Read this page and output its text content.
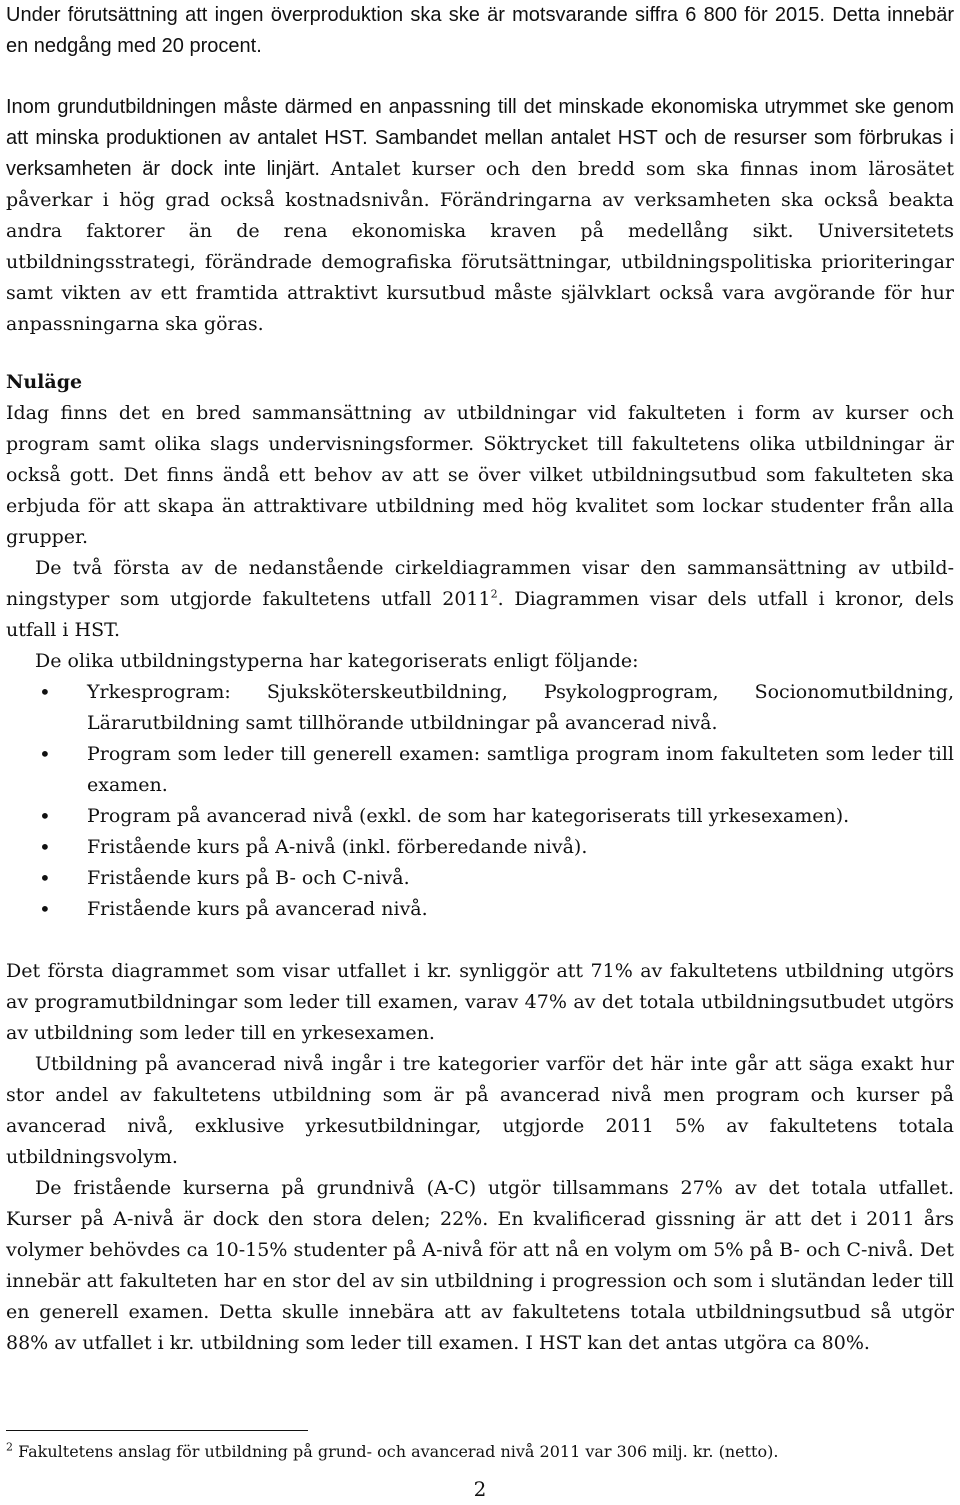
Under förutsättning att ingen överproduktion ska ske är motsvarande siffra 6 800 för 2015. Detta innebär en nedgång med 20 procent.

Inom grundutbildningen måste därmed en anpassning till det minskade ekonomiska utrymmet ske genom att minska produktionen av antalet HST. Sambandet mellan antalet HST och de resurser som förbrukas i verksamheten är dock inte linjärt. Antalet kurser och den bredd som ska finnas inom lärosätet påverkar i hög grad också kostnadsnivån. Förändringarna av verksamheten ska också beakta andra faktorer än de rena ekonomiska kraven på medellång sikt. Universitetets utbildningsstrategi, förändrade demografiska förutsättningar, utbildningspolitiska prioriteringar samt vikten av ett framtida attraktivt kursutbud måste självklart också vara avgörande för hur anpassningarna ska göras.

Nuläge

Idag finns det en bred sammansättning av utbildningar vid fakulteten i form av kurser och program samt olika slags undervisningsformer. Söktrycket till fakultetens olika utbildningar är också gott. Det finns ändå ett behov av att se över vilket utbildningsutbud som fakulteten ska erbjuda för att skapa än attraktivare utbildning med hög kvalitet som lockar studenter från alla grupper.

De två första av de nedanstående cirkeldiagrammen visar den sammansättning av utbildningstyper som utgjorde fakultetens utfall 2011$^2$. Diagrammen visar dels utfall i kronor, dels utfall i HST.

De olika utbildningstyperna har kategoriserats enligt följande:

• Yrkesprogram: Sjuksköterskeutbildning, Psykologprogram, Socionomutbildning, Lärarutbildning samt tillhörande utbildningar på avancerad nivå.
• Program som leder till generell examen: samtliga program inom fakulteten som leder till examen.
• Program på avancerad nivå (exkl. de som har kategoriserats till yrkesexamen).
• Fristående kurs på A-nivå (inkl. förberedande nivå).
• Fristående kurs på B- och C-nivå.
• Fristående kurs på avancerad nivå.

Det första diagrammet som visar utfallet i kr. synliggör att 71% av fakultetens utbildning utgörs av programutbildningar som leder till examen, varav 47% av det totala utbildningsutbudet utgörs av utbildning som leder till en yrkesexamen.

Utbildning på avancerad nivå ingår i tre kategorier varför det här inte går att säga exakt hur stor andel av fakultetens utbildning som är på avancerad nivå men program och kurser på avancerad nivå, exklusive yrkesutbildningar, utgjorde 2011 5% av fakultetens totala utbildningsvolym.

De fristående kurserna på grundnivå (A-C) utgör tillsammans 27% av det totala utfallet. Kurser på A-nivå är dock den stora delen; 22%. En kvalificerad gissning är att det i 2011 års volymer behövdes ca 10-15% studenter på A-nivå för att nå en volym om 5% på B- och C-nivå. Det innebär att fakulteten har en stor del av sin utbildning i progression och som i slutändan leder till en generell examen. Detta skulle innebära att av fakultetens totala utbildningsutbud så utgör 88% av utfallet i kr. utbildning som leder till examen. I HST kan det antas utgöra ca 80%.

$^2$ Fakultetens anslag för utbildning på grund- och avancerad nivå 2011 var 306 milj. kr. (netto).
2
